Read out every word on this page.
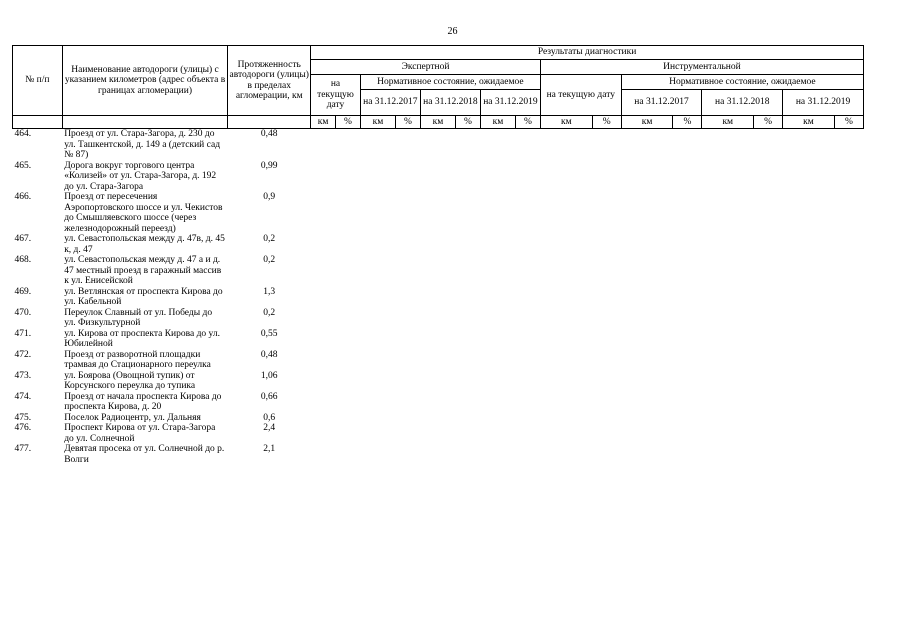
26
№ п/п	Наименование автодороги (улицы) с указанием километров (адрес объекта в границах агломерации)	Протяженность автодороги (улицы) в пределах агломерации, км	Результаты диагностики															
			Экспертной								Инструментальной							
			на текущую дату		Нормативное состояние, ожидаемое						на текущую дату		Нормативное состояние, ожидаемое					
					на 31.12.2017		на 31.12.2018		на 31.12.2019				на 31.12.2017		на 31.12.2018		на 31.12.2019	
			км	%	км	%	км	%	км	%	км	%	км	%	км	%	км	%
464.	Проезд от ул. Стара-Загора, д. 230 до ул. Ташкентской, д. 149 а (детский сад № 87)	0,48																
465.	Дорога вокруг торгового центра «Колизей» от ул. Стара-Загора, д. 192 до ул. Стара-Загора	0,99																
466.	Проезд от пересечения Аэропортовского шоссе и ул. Чекистов до Смышляевского шоссе (через железнодорожный переезд)	0,9																
467.	ул. Севастопольская между д. 47в, д. 45 к, д. 47	0,2																
468.	ул. Севастопольская между д. 47 а и д. 47 местный проезд в гаражный массив к ул. Енисейской	0,2																
469.	ул. Ветлянская от проспекта Кирова до ул. Кабельной	1,3																
470.	Переулок Славный от ул. Победы до ул. Физкультурной	0,2																
471.	ул. Кирова от проспекта Кирова до ул. Юбилейной	0,55																
472.	Проезд от разворотной площадки трамвая до Стационарного переулка	0,48																
473.	ул. Боярова (Овощной тупик) от Корсунского переулка до тупика	1,06																
474.	Проезд от начала проспекта Кирова до проспекта Кирова, д. 20	0,66																
475.	Поселок Радиоцентр, ул. Дальняя	0,6																
476.	Проспект Кирова от ул. Стара-Загора до ул. Солнечной	2,4																
477.	Девятая просека от ул. Солнечной до р. Волги	2,1																
